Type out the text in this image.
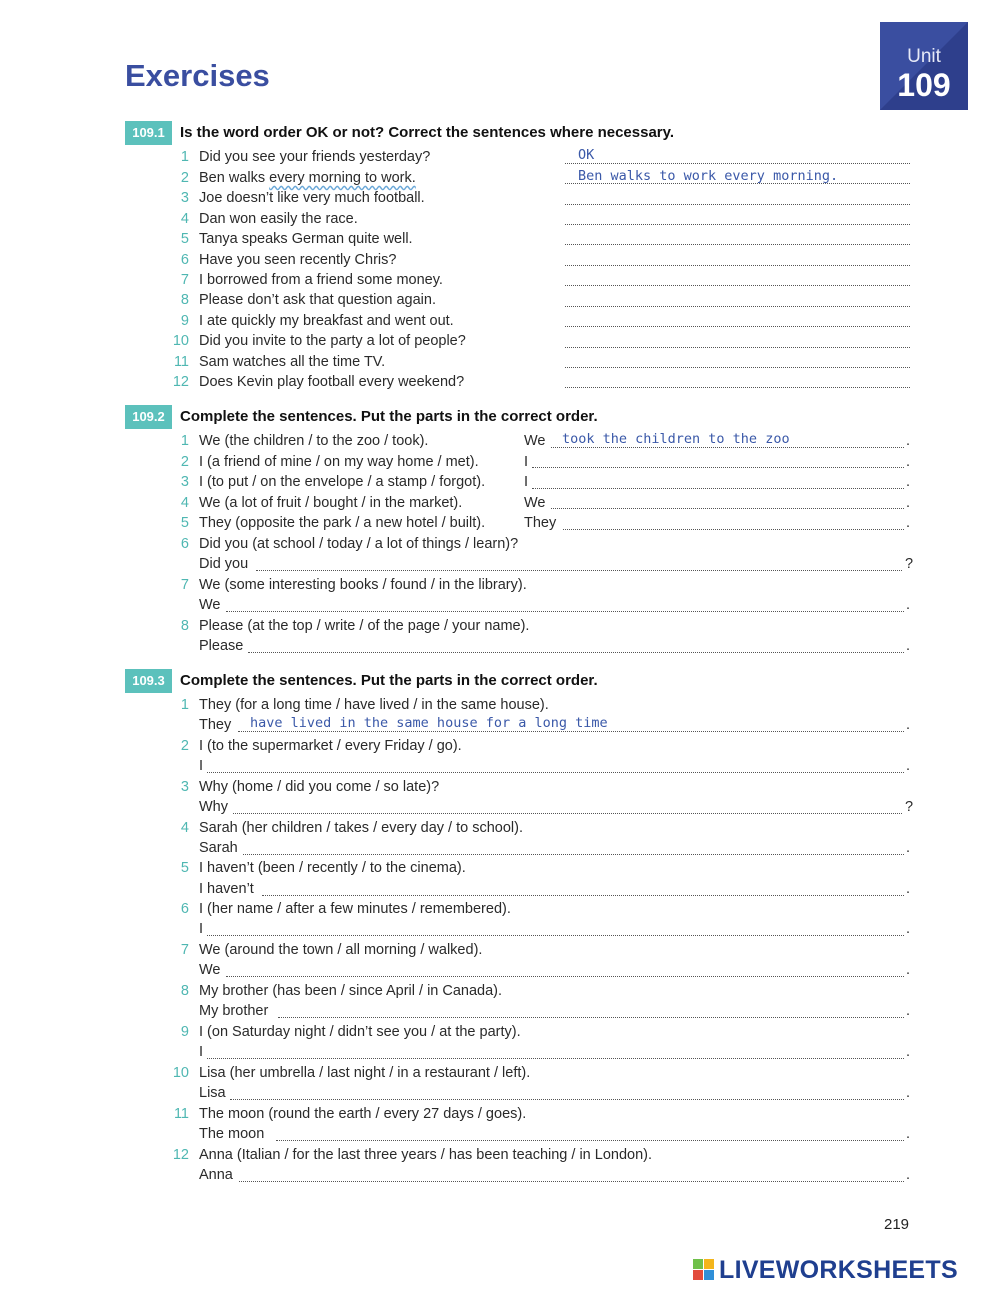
Exercises
Unit
109
109.1	Is the word order OK or not? Correct the sentences where necessary.
1 Did you see your friends yesterday?	OK
2 Ben walks every morning to work.	Ben walks to work every morning.
3 Joe doesn’t like very much football.
4 Dan won easily the race.
5 Tanya speaks German quite well.
6 Have you seen recently Chris?
7 I borrowed from a friend some money.
8 Please don’t ask that question again.
9 I ate quickly my breakfast and went out.
10 Did you invite to the party a lot of people?
11 Sam watches all the time TV.
12 Does Kevin play football every weekend?
109.2	Complete the sentences. Put the parts in the correct order.
1 We (the children / to the zoo / took).	We took the children to the zoo	.
2 I (a friend of mine / on my way home / met).	I	.
3 I (to put / on the envelope / a stamp / forgot).	I	.
4 We (a lot of fruit / bought / in the market).	We	.
5 They (opposite the park / a new hotel / built).	They	.
6 Did you (at school / today / a lot of things / learn)?
Did you	?
7 We (some interesting books / found / in the library).
We	.
8 Please (at the top / write / of the page / your name).
Please	.
109.3	Complete the sentences. Put the parts in the correct order.
1 They (for a long time / have lived / in the same house).
They have lived in the same house for a long time	.
2 I (to the supermarket / every Friday / go).
I	.
3 Why (home / did you come / so late)?
Why	?
4 Sarah (her children / takes / every day / to school).
Sarah	.
5 I haven’t (been / recently / to the cinema).
I haven’t	.
6 I (her name / after a few minutes / remembered).
I	.
7 We (around the town / all morning / walked).
We	.
8 My brother (has been / since April / in Canada).
My brother	.
9 I (on Saturday night / didn’t see you / at the party).
I	.
10 Lisa (her umbrella / last night / in a restaurant / left).
Lisa	.
11 The moon (round the earth / every 27 days / goes).
The moon	.
12 Anna (Italian / for the last three years / has been teaching / in London).
Anna	.
219
LIVEWORKSHEETS
